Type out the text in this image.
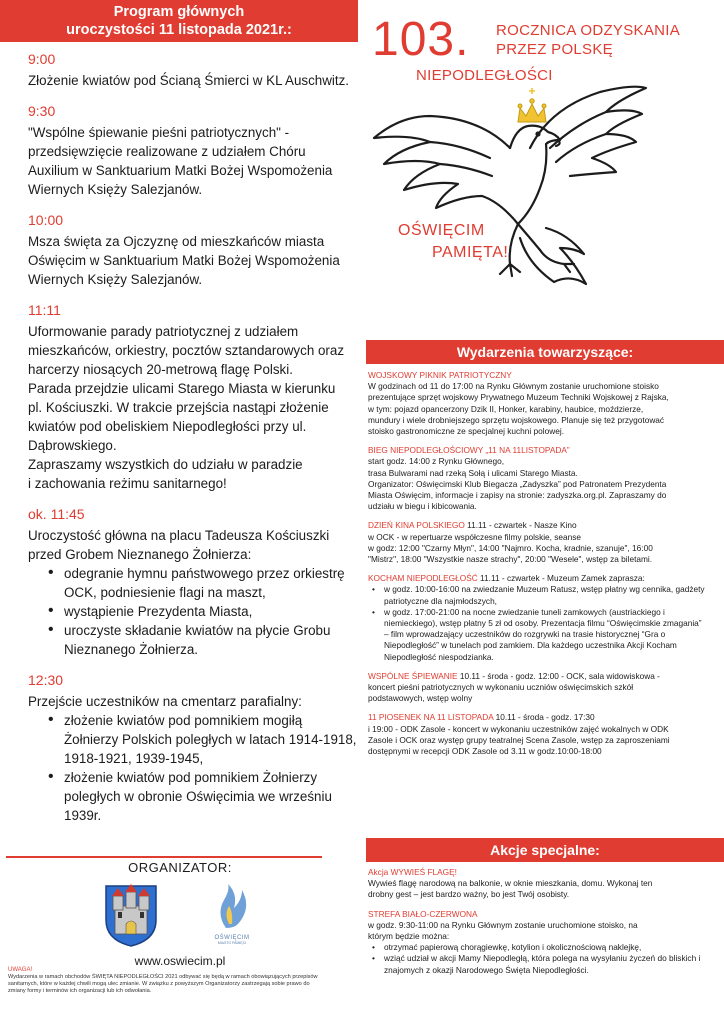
Program głównych
uroczystości 11 listopada 2021r.:
9:00
Złożenie kwiatów pod Ścianą Śmierci w KL Auschwitz.
9:30
"Wspólne śpiewanie pieśni patriotycznych" -
przedsięwzięcie realizowane z udziałem Chóru
Auxilium w Sanktuarium Matki Bożej Wspomożenia
Wiernych Księży Salezjanów.
10:00
Msza święta za Ojczyznę od mieszkańców miasta
Oświęcim w Sanktuarium Matki Bożej Wspomożenia
Wiernych Księży Salezjanów.
11:11
Uformowanie parady patriotycznej z udziałem
mieszkańców, orkiestry, pocztów sztandarowych oraz
harcerzy niosących 20-metrową flagę Polski.
Parada przejdzie ulicami Starego Miasta w kierunku
pl. Kościuszki. W trakcie przejścia nastąpi złożenie
kwiatów pod obeliskiem Niepodległości przy ul.
Dąbrowskiego.
Zapraszamy wszystkich do udziału w paradzie
i zachowania reżimu sanitarnego!
ok. 11:45
Uroczystość główna na placu Tadeusza Kościuszki
przed Grobem Nieznanego Żołnierza:
• odegranie hymnu państwowego przez orkiestrę OCK, podniesienie flagi na maszt,
• wystąpienie Prezydenta Miasta,
• uroczyste składanie kwiatów na płycie Grobu Nieznanego Żołnierza.
12:30
Przejście uczestników na cmentarz parafialny:
• złożenie kwiatów pod pomnikiem mogiłą Żołnierzy Polskich poległych w latach 1914-1918, 1918-1921, 1939-1945,
• złożenie kwiatów pod pomnikiem Żołnierzy poległych w obronie Oświęcimia we wrześniu 1939r.
ORGANIZATOR:
OŚWIĘCIM
MIASTO PAMIĘCI
www.oswiecim.pl
UWAGA!
Wydarzenia w ramach obchodów ŚWIĘTA NIEPODLEGŁOŚCI 2021 odbywać się będą w ramach obowiązujących przepisów sanitarnych, które w każdej chwili mogą ulec zmianie. W związku z powyższym Organizatorzy zastrzegają sobie prawo do zmiany formy i terminów ich organizacji lub ich odwołania.
103. ROCZNICA ODZYSKANIA
PRZEZ POLSKĘ
NIEPODLEGŁOŚCI
OŚWIĘCIM
PAMIĘTA!
Wydarzenia towarzyszące:
WOJSKOWY PIKNIK PATRIOTYCZNY
W godzinach od 11 do 17:00 na Rynku Głównym zostanie uruchomione stoisko
prezentujące sprzęt wojskowy Prywatnego Muzeum Techniki Wojskowej z Rajska,
w tym: pojazd opancerzony Dzik II, Honker, karabiny, haubice, moździerze,
mundury i wiele drobniejszego sprzętu wojskowego. Planuje się też przygotować
stoisko gastronomiczne ze specjalnej kuchni polowej.
BIEG NIEPODLEGŁOŚCIOWY „11 NA 11LISTOPADA”
start godz. 14:00 z Rynku Głównego,
trasa Bulwarami nad rzeką Sołą i ulicami Starego Miasta.
Organizator: Oświęcimski Klub Biegacza „Zadyszka” pod Patronatem Prezydenta
Miasta Oświęcim, informacje i zapisy na stronie: zadyszka.org.pl. Zapraszamy do
udziału w biegu i kibicowania.
DZIEŃ KINA POLSKIEGO 11.11 - czwartek - Nasze Kino
w OCK - w repertuarze współczesne filmy polskie, seanse
w godz: 12:00 "Czarny Młyn", 14:00 "Najmro. Kocha, kradnie, szanuje", 16:00
"Mistrz", 18:00 "Wszystkie nasze strachy", 20:00 "Wesele", wstęp za biletami.
KOCHAM NIEPODLEGŁOŚĆ 11.11 - czwartek - Muzeum Zamek zaprasza:
• w godz. 10:00-16:00 na zwiedzanie Muzeum Ratusz, wstęp płatny wg cennika, gadżety patriotyczne dla najmłodszych,
• w godz. 17:00-21:00 na nocne zwiedzanie tuneli zamkowych (austriackiego i niemieckiego), wstęp płatny 5 zł od osoby. Prezentacja filmu “Oświęcimskie zmagania” – film wprowadzający uczestników do rozgrywki na trasie historycznej “Gra o Niepodległość” w tunelach pod zamkiem. Dla każdego uczestnika Akcji Kocham Niepodległość niespodzianka.
WSPÓLNE ŚPIEWANIE 10.11 - środa - godz. 12:00 - OCK, sala widowiskowa -
koncert pieśni patriotycznych w wykonaniu uczniów oświęcimskich szkół
podstawowych, wstęp wolny
11 PIOSENEK NA 11 LISTOPADA 10.11 - środa - godz. 17:30
i 19:00 - ODK Zasole - koncert w wykonaniu uczestników zajęć wokalnych w ODK
Zasole i OCK oraz występ grupy teatralnej Scena Zasole, wstęp za zaproszeniami
dostępnymi w recepcji ODK Zasole od 3.11 w godz.10:00-18:00
Akcje specjalne:
Akcja WYWIEŚ FLAGĘ!
Wywieś flagę narodową na balkonie, w oknie mieszkania, domu. Wykonaj ten
drobny gest – jest bardzo ważny, bo jest Twój osobisty.
STREFA BIAŁO-CZERWONA
w godz. 9:30-11:00 na Rynku Głównym zostanie uruchomione stoisko, na
którym będzie można:
• otrzymać papierową chorągiewkę, kotylion i okolicznościową naklejkę,
• wziąć udział w akcji Mamy Niepodległą, która polega na wysyłaniu życzeń do bliskich i znajomych z okazji Narodowego Święta Niepodległości.
